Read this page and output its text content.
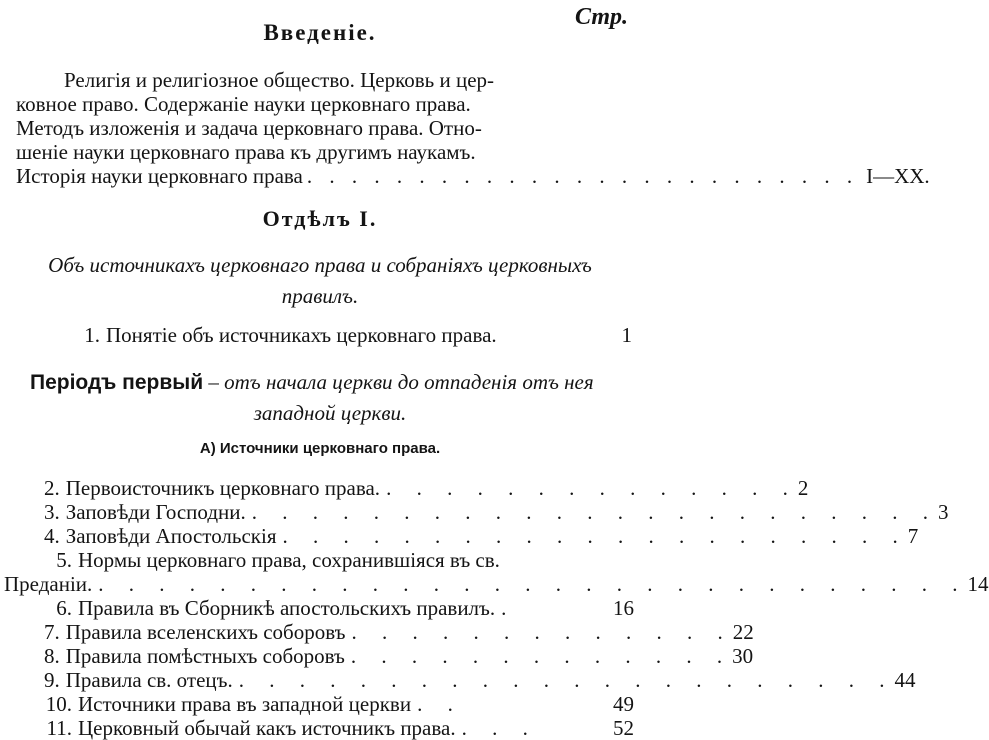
Стр.
Введеніе.
Религія и религіозное общество. Церковь и цер-
ковное право. Содержаніе науки церковнаго права.
Методъ изложенія и задача церковнаго права. Отно-
шеніе науки церковнаго права къ другимъ наукамъ.
Исторія науки церковнаго права . . . . . . . . . . . . . . . . . . . . . . . . . I—XX.
Отдѣлъ I.
Объ источникахъ церковнаго права и собраніяхъ церковныхъ
правилъ.
1. Понятіе объ источникахъ церковнаго права.	1
Періодъ первый – отъ начала церкви до отпаденія отъ нея
западной церкви.
А) Источники церковнаго права.
2. Первоисточникъ церковнаго права. . . . . . . . . . . . . . . 2
3. Заповѣди Господни. . . . . . . . . . . . . . . . . . . . . . . . 3
4. Заповѣди Апостольскія . . . . . . . . . . . . . . . . . . . . . 7
5. Нормы церковнаго права, сохранившіяся въ св.
Преданіи. . . . . . . . . . . . . . . . . . . . . . . . . . . . . . 14
6. Правила въ Сборникѣ апостольскихъ правилъ. .	16
7. Правила вселенскихъ соборовъ . . . . . . . . . . . . . 22
8. Правила помѣстныхъ соборовъ . . . . . . . . . . . . . 30
9. Правила св. отецъ. . . . . . . . . . . . . . . . . . . . . . . 44
10. Источники права въ западной церкви . .	49
11. Церковный обычай какъ источникъ права. . . .	52
